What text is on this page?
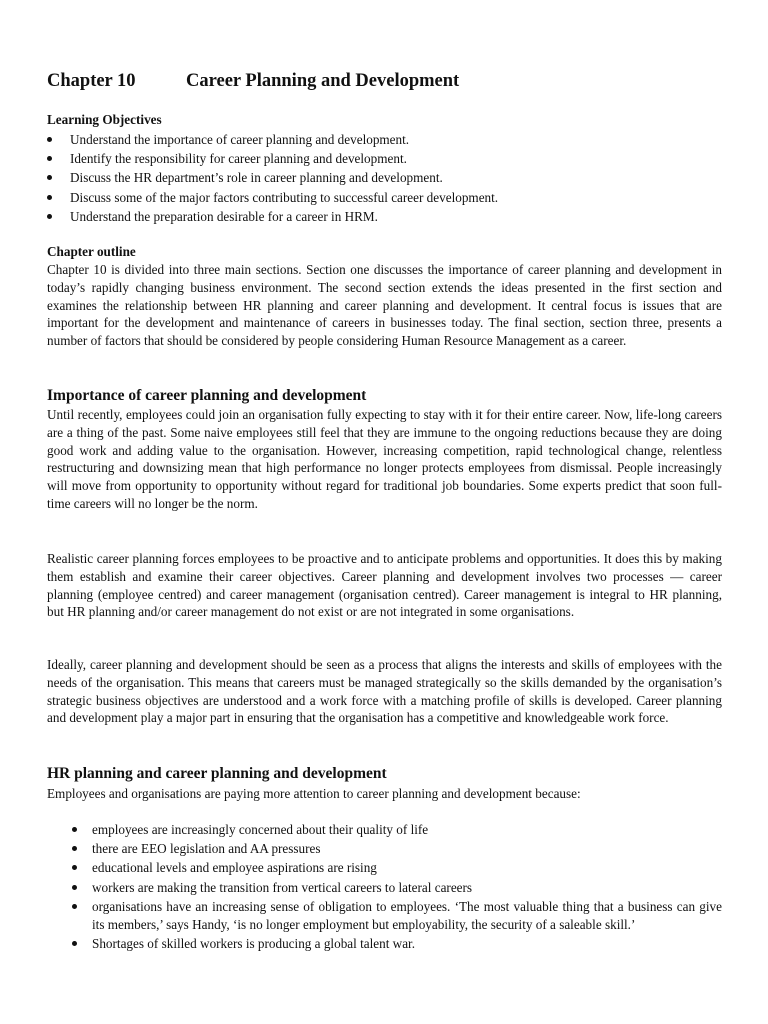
Chapter 10	Career Planning and Development
Learning Objectives
Understand the importance of career planning and development.
Identify the responsibility for career planning and development.
Discuss the HR department’s role in career planning and development.
Discuss some of the major factors contributing to successful career development.
Understand the preparation desirable for a career in HRM.
Chapter outline

Chapter 10 is divided into three main sections. Section one discusses the importance of career planning and development in today’s rapidly changing business environment. The second section extends the ideas presented in the first section and examines the relationship between HR planning and career planning and development. It central focus is issues that are important for the development and maintenance of careers in businesses today. The final section, section three, presents a number of factors that should be considered by people considering Human Resource Management as a career.

Importance of career planning and development

Until recently, employees could join an organisation fully expecting to stay with it for their entire career. Now, life-long careers are a thing of the past. Some naive employees still feel that they are immune to the ongoing reductions because they are doing good work and adding value to the organisation. However, increasing competition, rapid technological change, relentless restructuring and downsizing mean that high performance no longer protects employees from dismissal. People increasingly will move from opportunity to opportunity without regard for traditional job boundaries. Some experts predict that soon full-time careers will no longer be the norm.

Realistic career planning forces employees to be proactive and to anticipate problems and opportunities. It does this by making them establish and examine their career objectives. Career planning and development involves two processes — career planning (employee centred) and career management (organisation centred). Career management is integral to HR planning, but HR planning and/or career management do not exist or are not integrated in some organisations.

Ideally, career planning and development should be seen as a process that aligns the interests and skills of employees with the needs of the organisation. This means that careers must be managed strategically so the skills demanded by the organisation’s strategic business objectives are understood and a work force with a matching profile of skills is developed. Career planning and development play a major part in ensuring that the organisation has a competitive and knowledgeable work force.

HR planning and career planning and development

Employees and organisations are paying more attention to career planning and development because:

employees are increasingly concerned about their quality of life
there are EEO legislation and AA pressures
educational levels and employee aspirations are rising
workers are making the transition from vertical careers to lateral careers
organisations have an increasing sense of obligation to employees. ‘The most valuable thing that a business can give its members,’ says Handy, ‘is no longer employment but employability, the security of a saleable skill.’
Shortages of skilled workers is producing a global talent war.
